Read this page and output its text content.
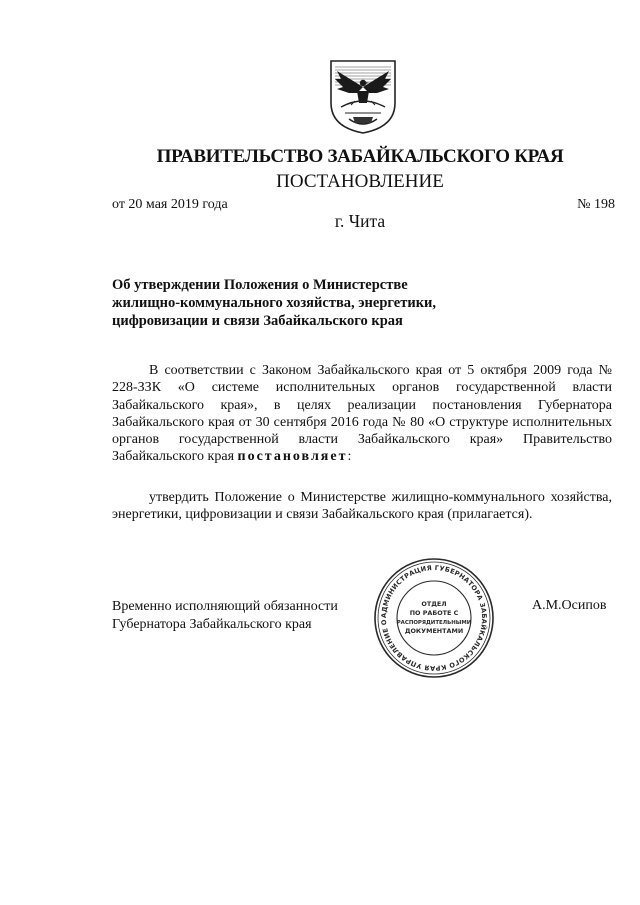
ПРАВИТЕЛЬСТВО ЗАБАЙКАЛЬСКОГО КРАЯ
ПОСТАНОВЛЕНИЕ
от 20 мая 2019 года	№ 198
г. Чита
Об утверждении Положения о Министерстве
жилищно-коммунального хозяйства, энергетики,
цифровизации и связи Забайкальского края
В соответствии с Законом Забайкальского края от 5 октября 2009 года № 228-ЗЗК «О системе исполнительных органов государственной власти Забайкальского края», в целях реализации постановления Губернатора Забайкальского края от 30 сентября 2016 года № 80 «О структуре исполнительных органов государственной власти Забайкальского края» Правительство Забайкальского края постановляет:
утвердить Положение о Министерстве жилищно-коммунального хозяйства, энергетики, цифровизации и связи Забайкальского края (прилагается).
Временно исполняющий обязанности
Губернатора Забайкальского края
А.М.Осипов
АДМИНИСТРАЦИЯ ГУБЕРНАТОРА ЗАБАЙКАЛЬСКОГО КРАЯ УПРАВЛЕНИЕ О
ОТДЕЛ
ПО РАБОТЕ С
РАСПОРЯДИТЕЛЬНЫМИ
ДОКУМЕНТАМИ
